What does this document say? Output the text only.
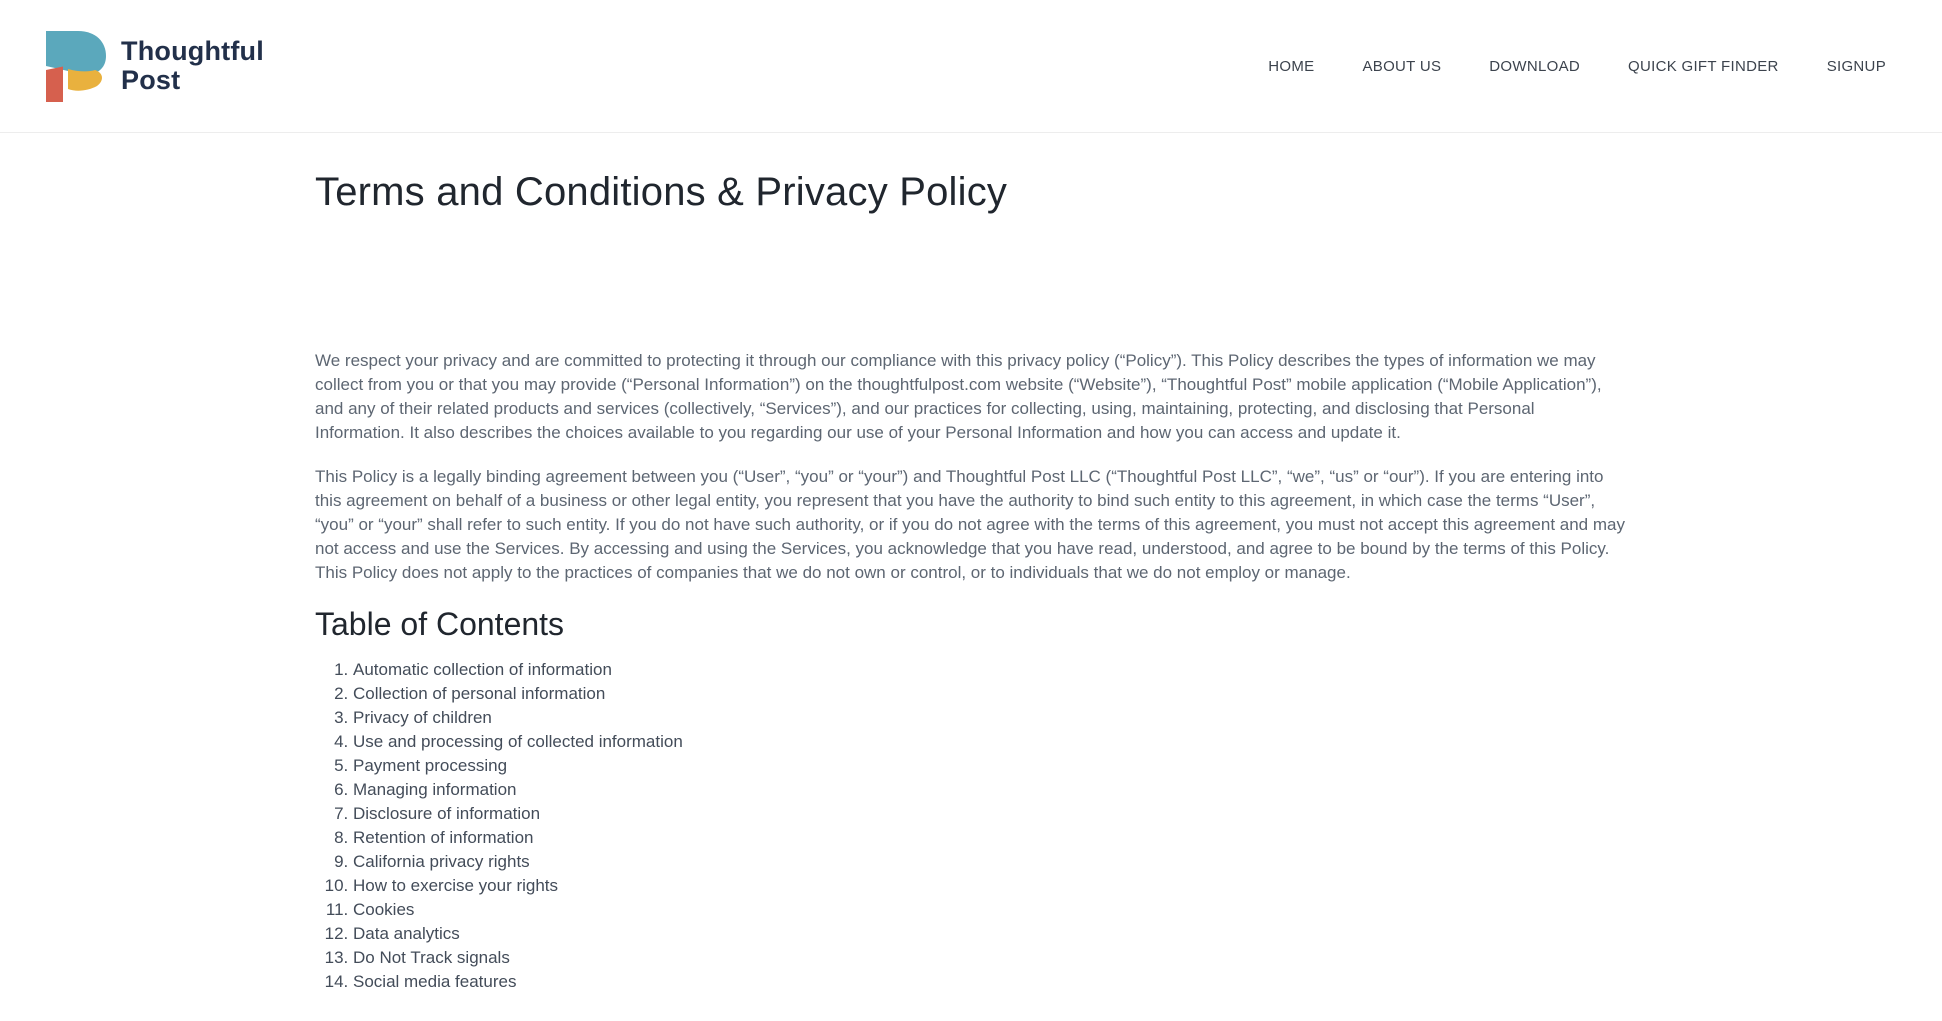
Thoughtful
Post	HOME	ABOUT US	DOWNLOAD	QUICK GIFT FINDER	SIGNUP
Terms and Conditions & Privacy Policy

We respect your privacy and are committed to protecting it through our compliance with this privacy policy (“Policy”). This Policy describes the types of information we may collect from you or that you may provide (“Personal Information”) on the thoughtfulpost.com website (“Website”), “Thoughtful Post” mobile application (“Mobile Application”), and any of their related products and services (collectively, “Services”), and our practices for collecting, using, maintaining, protecting, and disclosing that Personal Information. It also describes the choices available to you regarding our use of your Personal Information and how you can access and update it.

This Policy is a legally binding agreement between you (“User”, “you” or “your”) and Thoughtful Post LLC (“Thoughtful Post LLC”, “we”, “us” or “our”). If you are entering into this agreement on behalf of a business or other legal entity, you represent that you have the authority to bind such entity to this agreement, in which case the terms “User”, “you” or “your” shall refer to such entity. If you do not have such authority, or if you do not agree with the terms of this agreement, you must not accept this agreement and may not access and use the Services. By accessing and using the Services, you acknowledge that you have read, understood, and agree to be bound by the terms of this Policy. This Policy does not apply to the practices of companies that we do not own or control, or to individuals that we do not employ or manage.

Table of Contents
1. Automatic collection of information
2. Collection of personal information
3. Privacy of children
4. Use and processing of collected information
5. Payment processing
6. Managing information
7. Disclosure of information
8. Retention of information
9. California privacy rights
10. How to exercise your rights
11. Cookies
12. Data analytics
13. Do Not Track signals
14. Social media features
